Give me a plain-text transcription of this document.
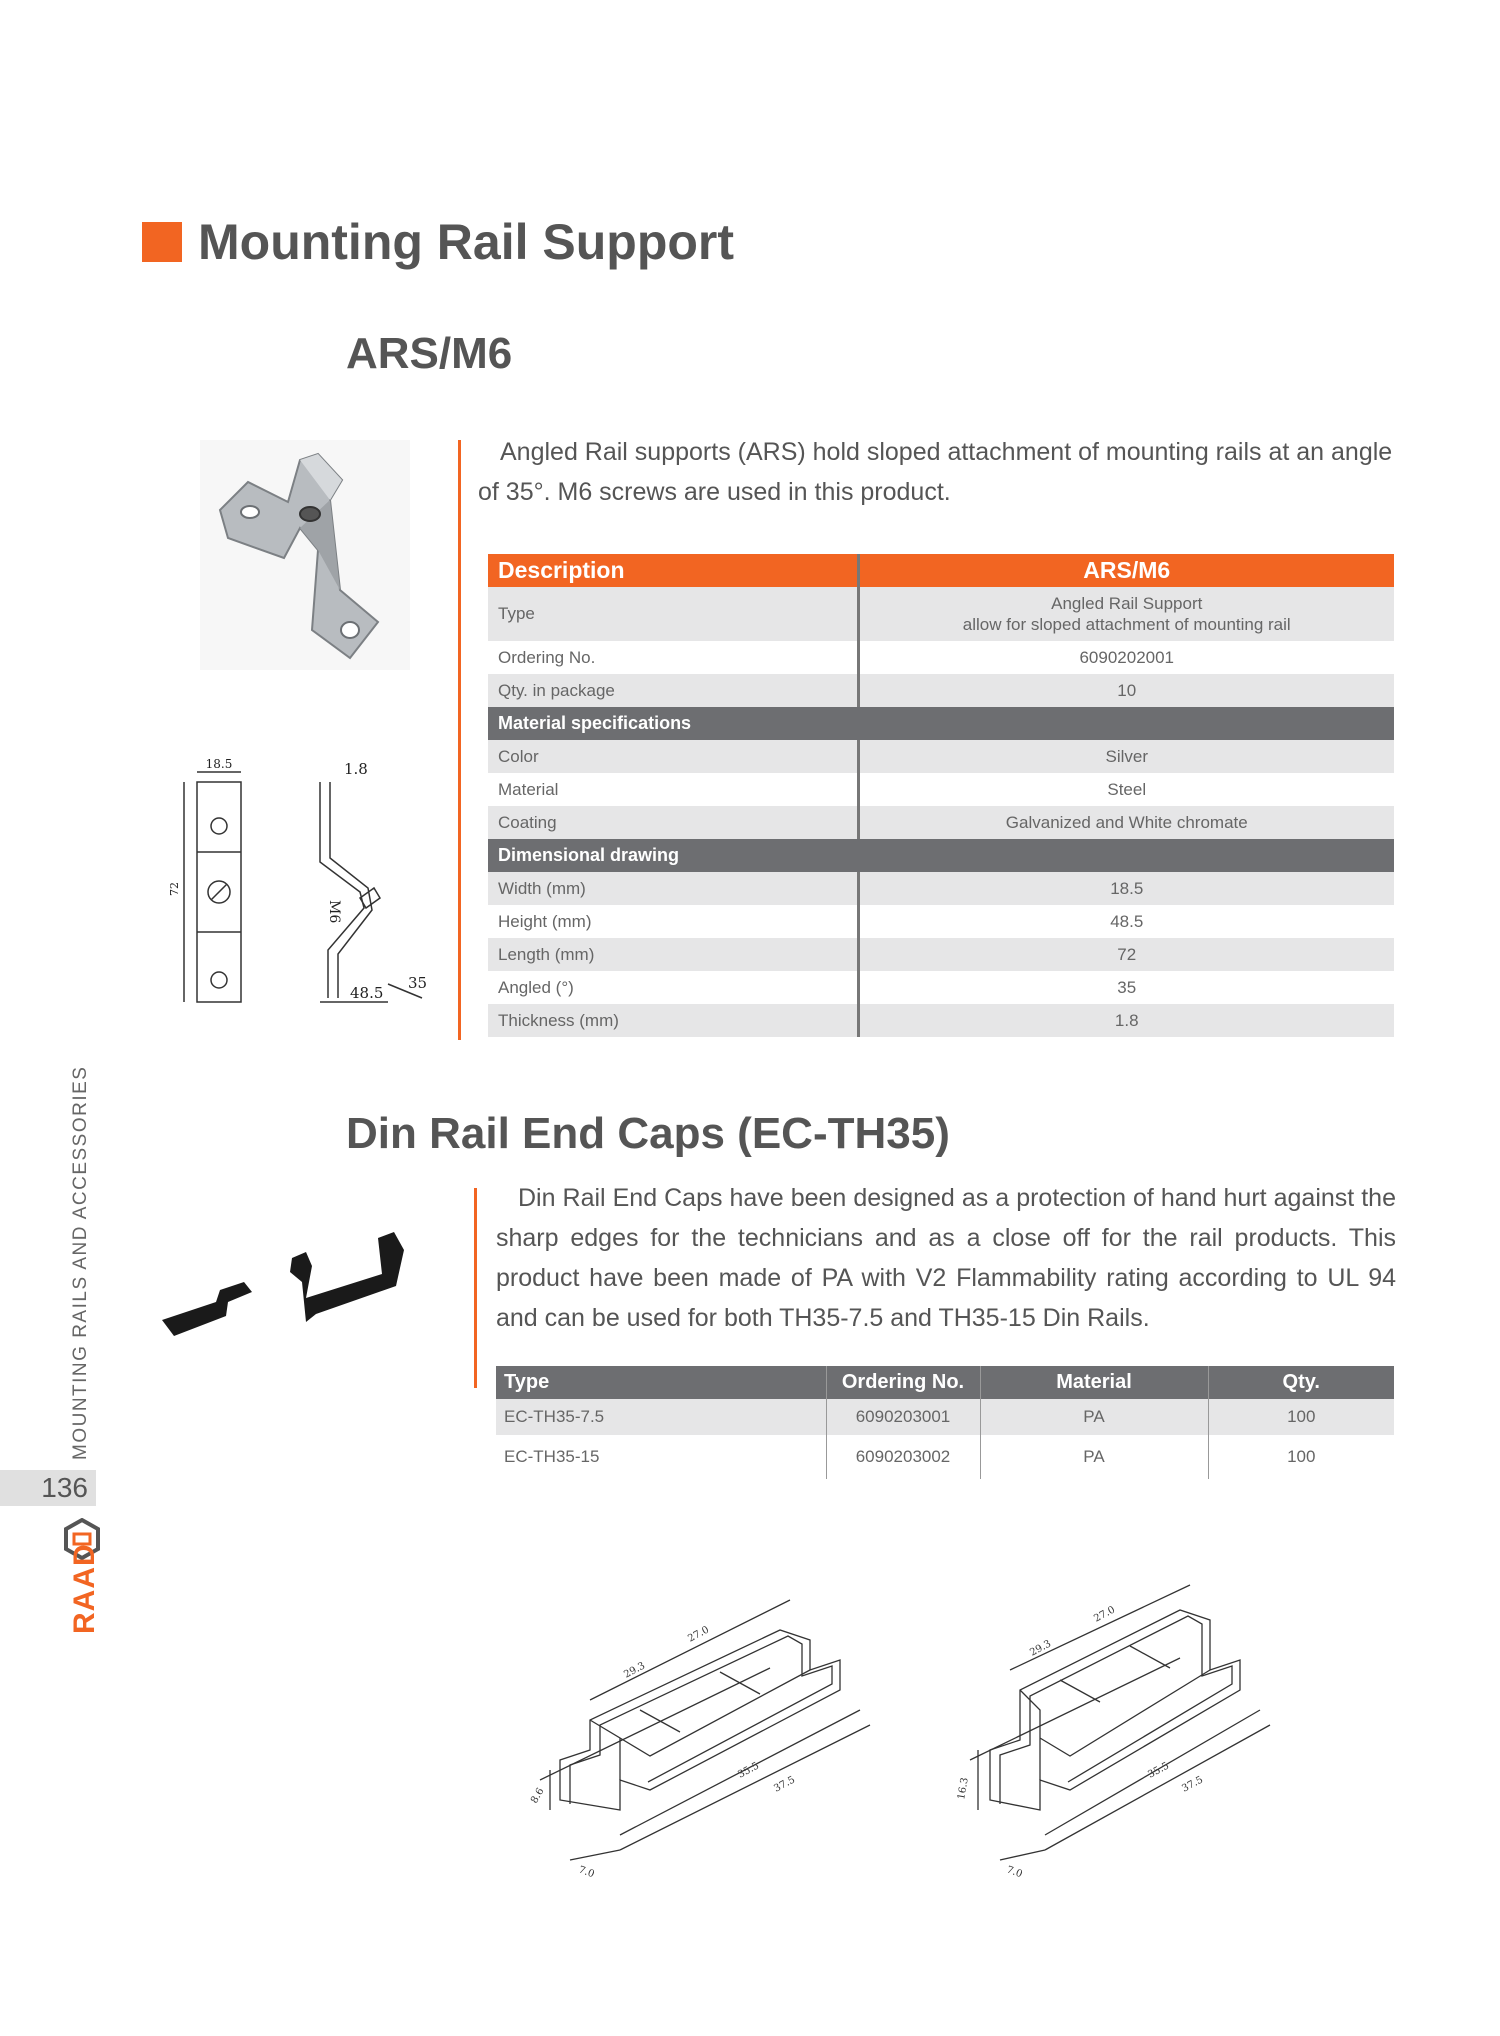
Mounting Rail Support
ARS/M6
18.5	1.8
72
M6
48.5
35

Angled Rail supports (ARS) hold sloped attachment of mounting rails at an angle of 35°. M6 screws are used in this product.

Description	ARS/M6
Type	Angled Rail Support
allow for sloped attachment of mounting rail

Ordering No.	6090202001
Qty. in package	10
Material specifications	
Color	Silver
Material	Steel
Coating	Galvanized and White chromate
Dimensional drawing	
Width (mm)	18.5
Height (mm)	48.5
Length (mm)	72
Angled (°)	35
Thickness (mm)	1.8
Din Rail End Caps (EC-TH35)

Din Rail End Caps have been designed as a protection of hand hurt against the sharp edges for the technicians and as a close off for the rail products. This product have been made of PA with V2 Flammability rating according to UL 94 and can be used for both TH35-7.5 and TH35-15 Din Rails.

Type	Ordering No.	Material	Qty.
EC-TH35-7.5	6090203001	PA	100
EC-TH35-15	6090203002	PA	100
29.3
27.0
8.6
35.5
37.5
7.0
29.3
27.0
16.3
35.5
37.5
7.0
MOUNTING RAILS AND ACCESSORIES
136
RAAD
